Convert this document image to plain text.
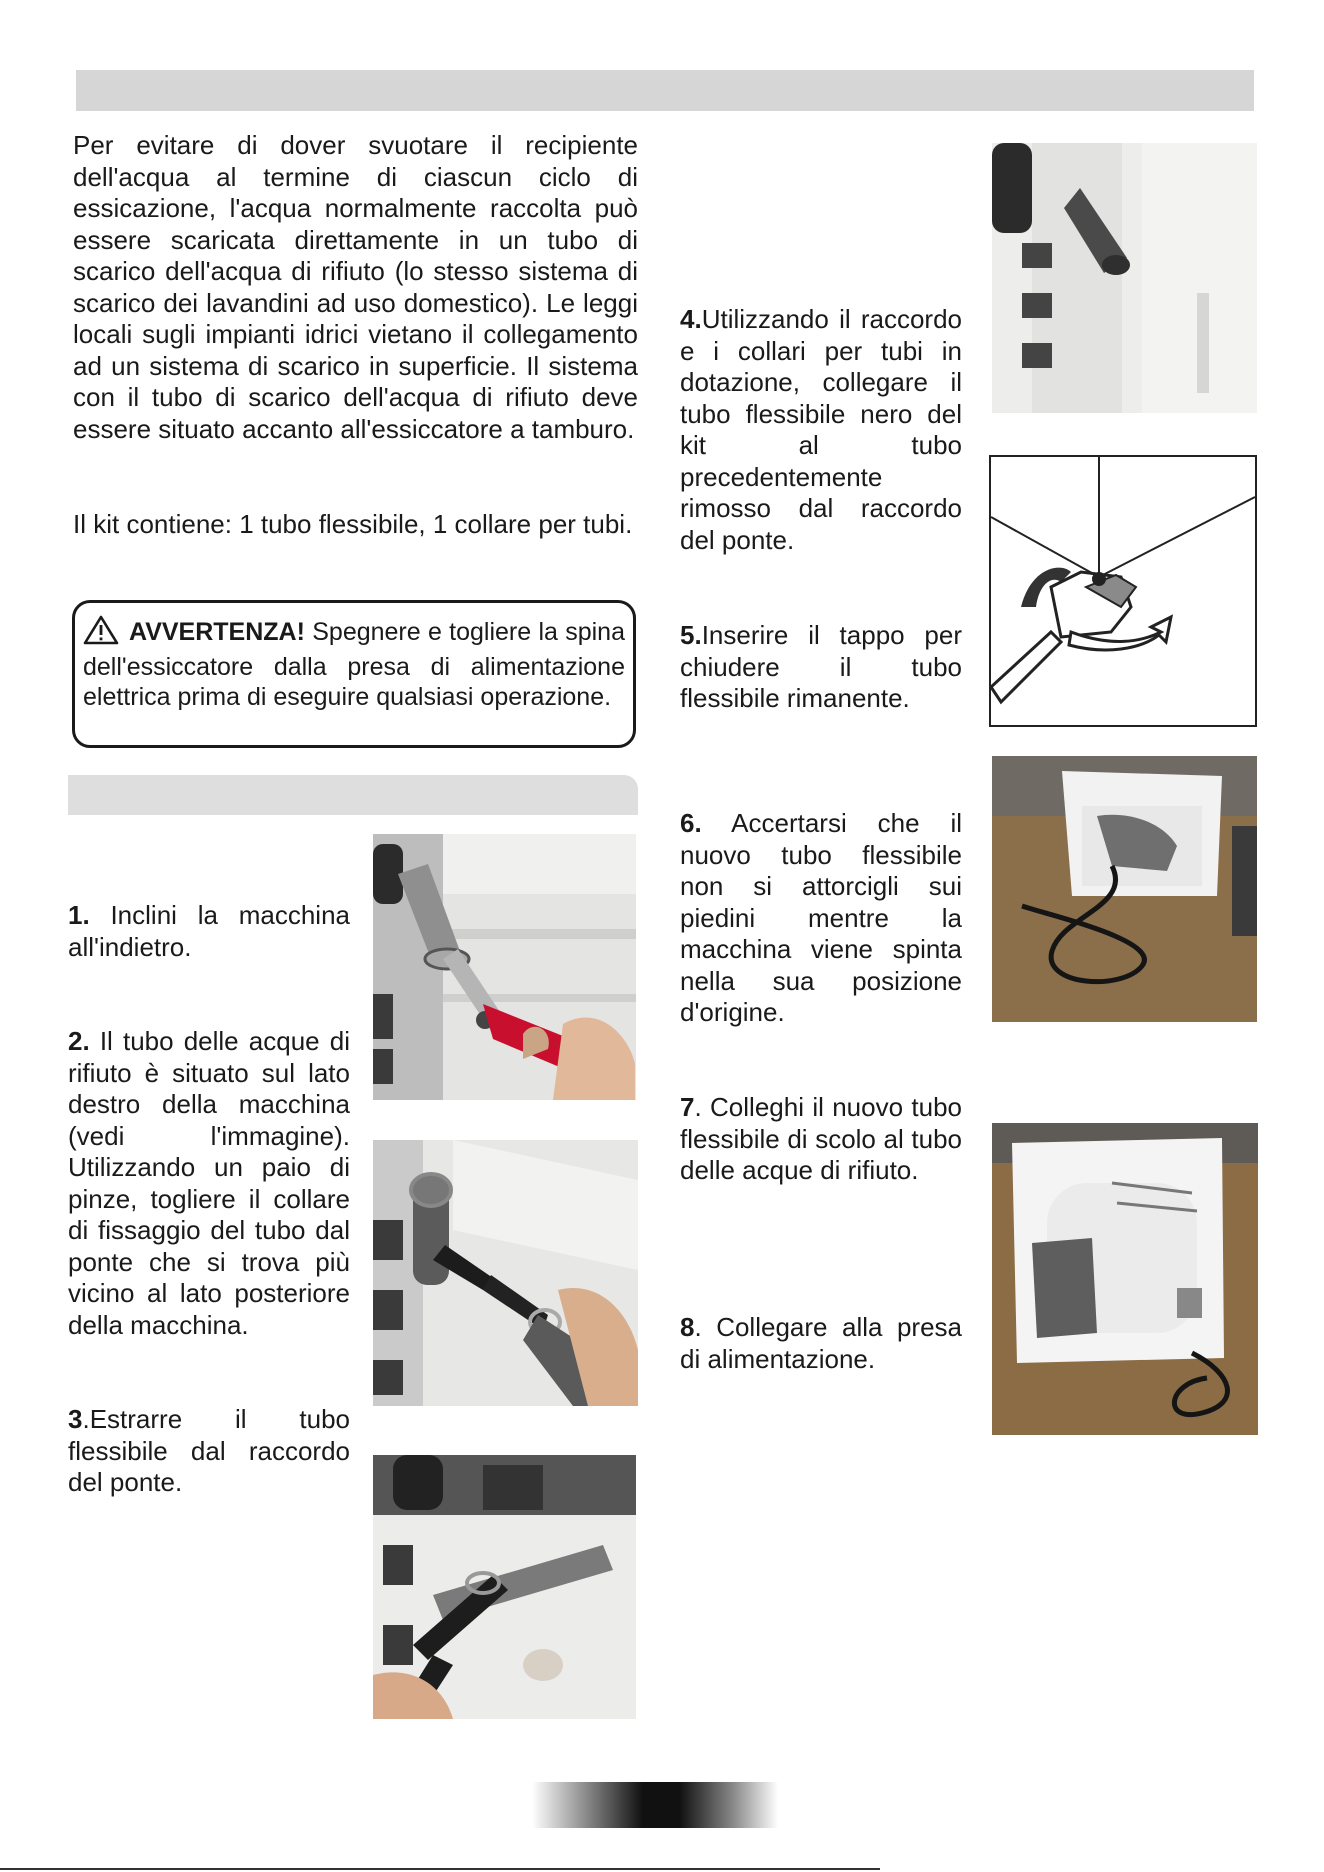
Per evitare di dover svuotare il recipiente dell'acqua al termine di ciascun ciclo di essicazione, l'acqua normalmente raccolta può essere scaricata direttamente in un tubo di scarico dell'acqua di rifiuto (lo stesso sistema di scarico dei lavandini ad uso domestico). Le leggi locali sugli impianti idrici vietano il collegamento ad un sistema di scarico in superficie. Il sistema con il tubo di scarico dell'acqua di rifiuto deve essere situato accanto all'essiccatore a tamburo.

Il kit contiene: 1 tubo flessibile, 1 collare per tubi.

AVVERTENZA! Spegnere e togliere la spina dell'essiccatore dalla presa di alimentazione elettrica prima di eseguire qualsiasi operazione.

1. Inclini la macchina all'indietro.

2. Il tubo delle acque di rifiuto è situato sul lato destro della macchina (vedi l'immagine). Utilizzando un paio di pinze, togliere il collare di fissaggio del tubo dal ponte che si trova più vicino al lato posteriore della macchina.

3.Estrarre il tubo flessibile dal raccordo del ponte.

4.Utilizzando il raccordo e i collari per tubi in dotazione, collegare il tubo flessibile nero del kit al tubo precedentemente rimosso dal raccordo del ponte.

5.Inserire il tappo per chiudere il tubo flessibile rimanente.

6. Accertarsi che il nuovo tubo flessibile non si attorcigli sui piedini mentre la macchina viene spinta nella sua posizione d'origine.

7. Colleghi il nuovo tubo flessibile di scolo al tubo delle acque di rifiuto.

8. Collegare alla presa di alimentazione.
